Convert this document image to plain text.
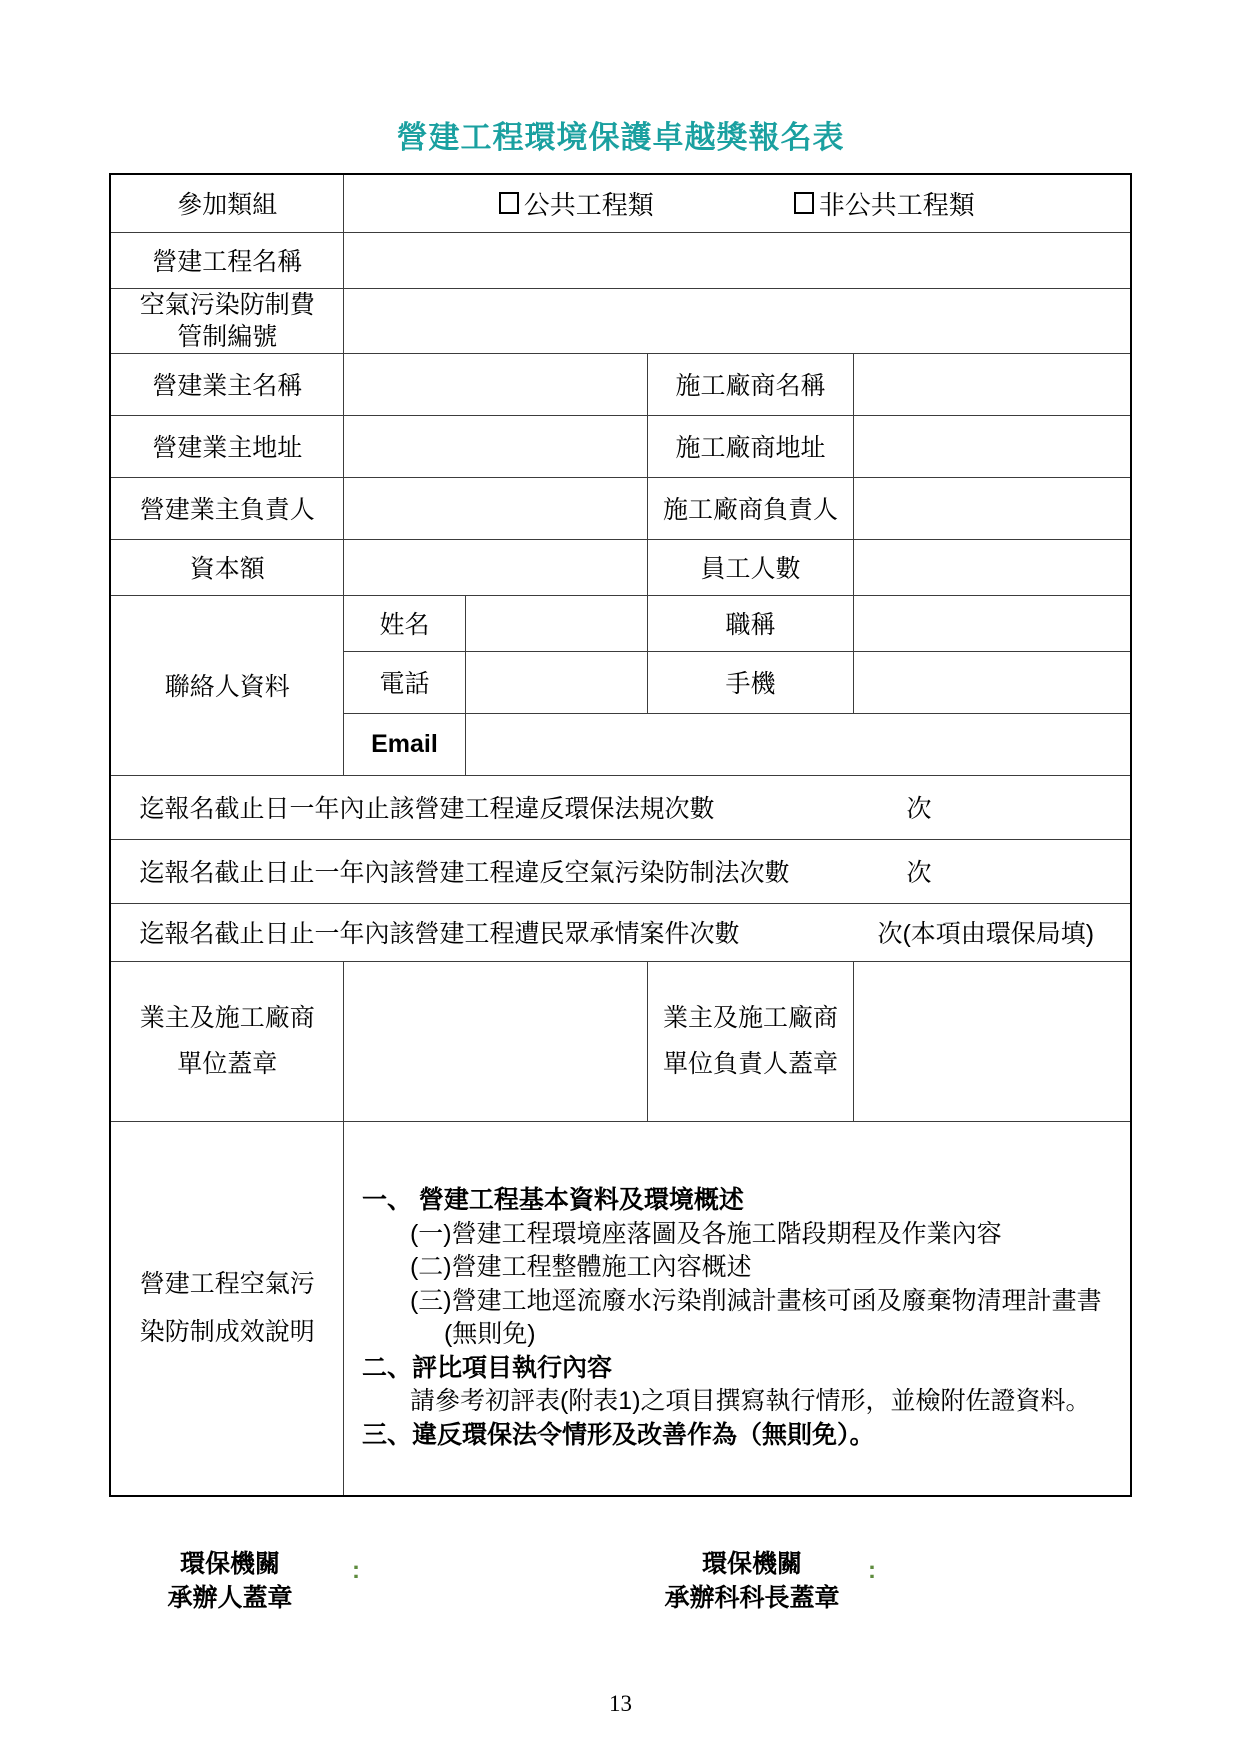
營建工程環境保護卓越獎報名表
參加類組	公共工程類 非公共工程類			

營建工程名稱				

空氣污染防制費
管制編號				

營建業主名稱			施工廠商名稱	
營建業主地址			施工廠商地址	
營建業主負責人			施工廠商負責人	
資本額			員工人數	
聯絡人資料	姓名		職稱	
	電話		手機	
	Email			
迄報名截止日一年內止該營建工程違反環保法規次數 次				

迄報名截止日止一年內該營建工程違反空氣污染防制法次數 次				

迄報名截止日止一年內該營建工程遭民眾承情案件次數 次(本項由環保局填)				

業主及施工廠商
單位蓋章

業主及施工廠商
單位負責人蓋章

營建工程空氣污
染防制成效說明

一、 營建工程基本資料及環境概述
(一)營建工程環境座落圖及各施工階段期程及作業內容
(二)營建工程整體施工內容概述
(三)營建工地逕流廢水污染削減計畫核可函及廢棄物清理計畫書(無則免)
二、評比項目執行內容
請參考初評表(附表1)之項目撰寫執行情形，並檢附佐證資料。
三、違反環保法令情形及改善作為（無則免）。
環保機關
承辦人蓋章
:	環保機關
承辦科科長蓋章
:
13
